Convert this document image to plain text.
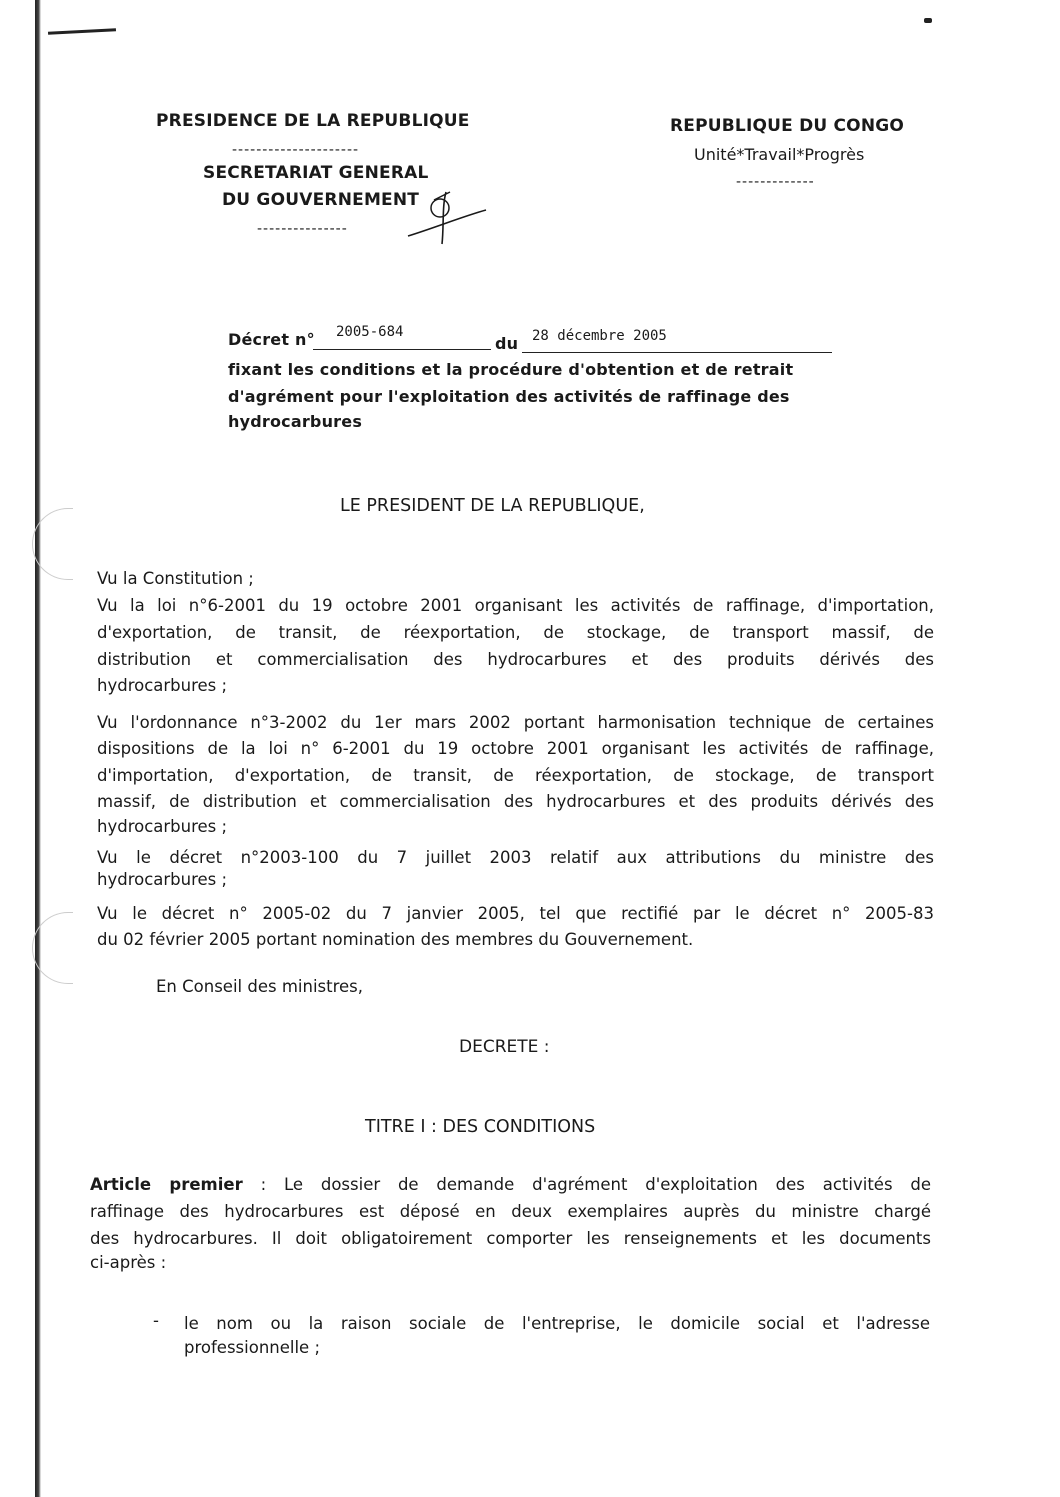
PRESIDENCE DE LA REPUBLIQUE
---------------------
SECRETARIAT GENERAL
DU GOUVERNEMENT
---------------
REPUBLIQUE DU CONGO
Unité*Travail*Progrès
-------------
Décret n° 2005-684
du 28 décembre 2005
fixant les conditions et la procédure d'obtention et de retrait
d'agrément pour l'exploitation des activités de raffinage des
hydrocarbures
LE PRESIDENT DE LA REPUBLIQUE,
Vu la Constitution ;
Vu la loi n°6-2001 du 19 octobre 2001 organisant les activités de raffinage, d'importation,
d'exportation, de transit, de réexportation, de stockage, de transport massif, de
distribution et commercialisation des hydrocarbures et des produits dérivés des
hydrocarbures ;
Vu l'ordonnance n°3-2002 du 1er mars 2002 portant harmonisation technique de certaines
dispositions de la loi n° 6-2001 du 19 octobre 2001 organisant les activités de raffinage,
d'importation, d'exportation, de transit, de réexportation, de stockage, de transport
massif, de distribution et commercialisation des hydrocarbures et des produits dérivés des
hydrocarbures ;
Vu le décret n°2003-100 du 7 juillet 2003 relatif aux attributions du ministre des
hydrocarbures ;
Vu le décret n° 2005-02 du 7 janvier 2005, tel que rectifié par le décret n° 2005-83
du 02 février 2005 portant nomination des membres du Gouvernement.
En Conseil des ministres,
DECRETE :
TITRE I : DES CONDITIONS
Article premier : Le dossier de demande d'agrément d'exploitation des activités de
raffinage des hydrocarbures est déposé en deux exemplaires auprès du ministre chargé
des hydrocarbures. Il doit obligatoirement comporter les renseignements et les documents
ci-après :
- le nom ou la raison sociale de l'entreprise, le domicile social et l'adresse
professionnelle ;
